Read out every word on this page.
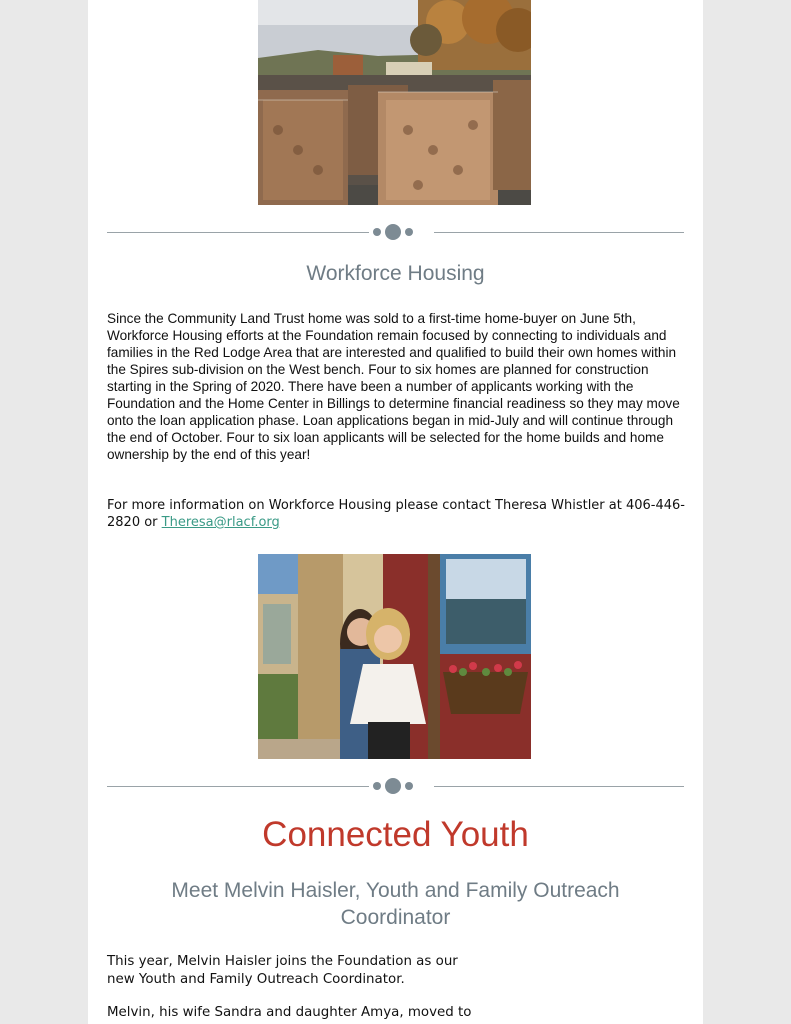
Workforce Housing

Since the Community Land Trust home was sold to a first-time home-buyer on June 5th, Workforce Housing efforts at the Foundation remain focused by connecting to individuals and families in the Red Lodge Area that are interested and qualified to build their own homes within the Spires sub-division on the West bench. Four to six homes are planned for construction starting in the Spring of 2020. There have been a number of applicants working with the Foundation and the Home Center in Billings to determine financial readiness so they may move onto the loan application phase. Loan applications began in mid-July and will continue through the end of October. Four to six loan applicants will be selected for the home builds and home ownership by the end of this year!

For more information on Workforce Housing please contact Theresa Whistler at 406-446-2820 or Theresa@rlacf.org
Connected Youth
Meet Melvin Haisler, Youth and Family Outreach Coordinator
This year, Melvin Haisler joins the Foundation as our new Youth and Family Outreach Coordinator.
Melvin, his wife Sandra and daughter Amya, moved to
